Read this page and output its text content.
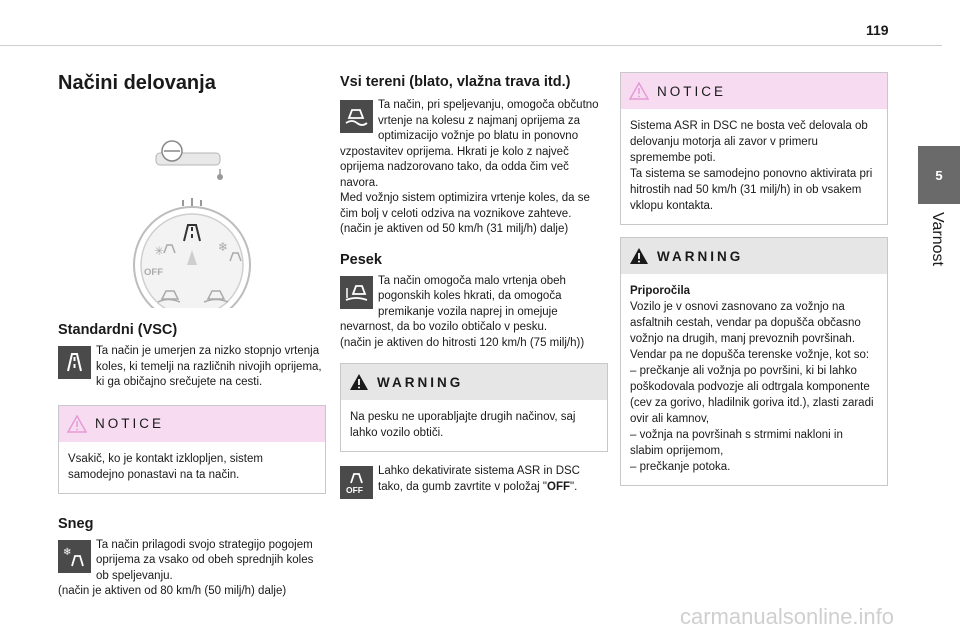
119
5
Varnost
Načini delovanja
✳	❄
OFF
Standardni (VSC)
Ta način je umerjen za nizko stopnjo vrtenja koles, ki temelji na različnih nivojih oprijema, ki ga običajno srečujete na cesti.
NOTICE
Vsakič, ko je kontakt izklopljen, sistem samodejno ponastavi na ta način.
Sneg
❄
Ta način prilagodi svojo strategijo pogojem oprijema za vsako od obeh sprednjih koles ob speljevanju.
(način je aktiven od 80 km/h (50 milj/h) dalje)
Vsi tereni (blato, vlažna trava itd.)
Ta način, pri speljevanju, omogoča občutno vrtenje na kolesu z najmanj oprijema za optimizacijo vožnje po blatu in ponovno vzpostavitev oprijema. Hkrati je kolo z največ oprijema nadzorovano tako, da odda čim več navora.
Med vožnjo sistem optimizira vrtenje koles, da se čim bolj v celoti odziva na voznikove zahteve.
(način je aktiven od 50 km/h (31 milj/h) dalje)
Pesek
Ta način omogoča malo vrtenja obeh pogonskih koles hkrati, da omogoča premikanje vozila naprej in omejuje nevarnost, da bo vozilo obtičalo v pesku.
(način je aktiven do hitrosti 120 km/h (75 milj/h))
WARNING
Na pesku ne uporabljajte drugih načinov, saj lahko vozilo obtiči.
OFF
Lahko dekativirate sistema ASR in DSC tako, da gumb zavrtite v položaj "OFF".
NOTICE
Sistema ASR in DSC ne bosta več delovala ob delovanju motorja ali zavor v primeru spremembe poti.
Ta sistema se samodejno ponovno aktivirata pri hitrostih nad 50 km/h (31 milj/h) in ob vsakem vklopu kontakta.
WARNING
Priporočila
Vozilo je v osnovi zasnovano za vožnjo na asfaltnih cestah, vendar pa dopušča občasno vožnjo na drugih, manj prevoznih površinah.
Vendar pa ne dopušča terenske vožnje, kot so:
– prečkanje ali vožnja po površini, ki bi lahko poškodovala podvozje ali odtrgala komponente (cev za gorivo, hladilnik goriva itd.), zlasti zaradi ovir ali kamnov,
– vožnja na površinah s strmimi nakloni in slabim oprijemom,
– prečkanje potoka.
carmanualsonline.info
